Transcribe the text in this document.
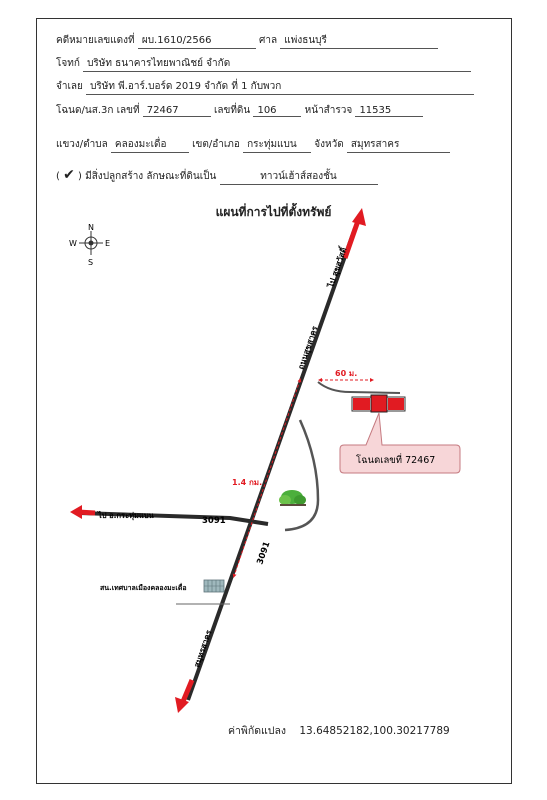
คดีหมายเลขแดงที่ ผบ.1610/2566	ศาล แพ่งธนบุรี
โจทก์ บริษัท ธนาคารไทยพาณิชย์ จำกัด
จำเลย บริษัท พี.อาร์.บอร์ด 2019 จำกัด ที่ 1 กับพวก
โฉนด/นส.3ก เลขที่ 72467	เลขที่ดิน 106	หน้าสำรวจ 11535
แขวง/ตำบล คลองมะเดื่อ	เขต/อำเภอ กระทุ่มแบน จังหวัด สมุทรสาคร
( ✔ ) มีสิ่งปลูกสร้าง ลักษณะที่ดินเป็น	ทาวน์เฮ้าส์สองชั้น
แผนที่การไปที่ตั้งทรัพย์
N
S
E
W
ไป อ.กระทุ่มแบน
3091
1.4 กม.
60 ม.
ไป สุขสวัสดิ์
ถนนสุขสาคร
สมุทรสาคร
3091
สน.เทศบาลเมืองคลองมะเดื่อ
โฉนดเลขที่ 72467
ค่าพิกัดแปลง 13.64852182,100.30217789
